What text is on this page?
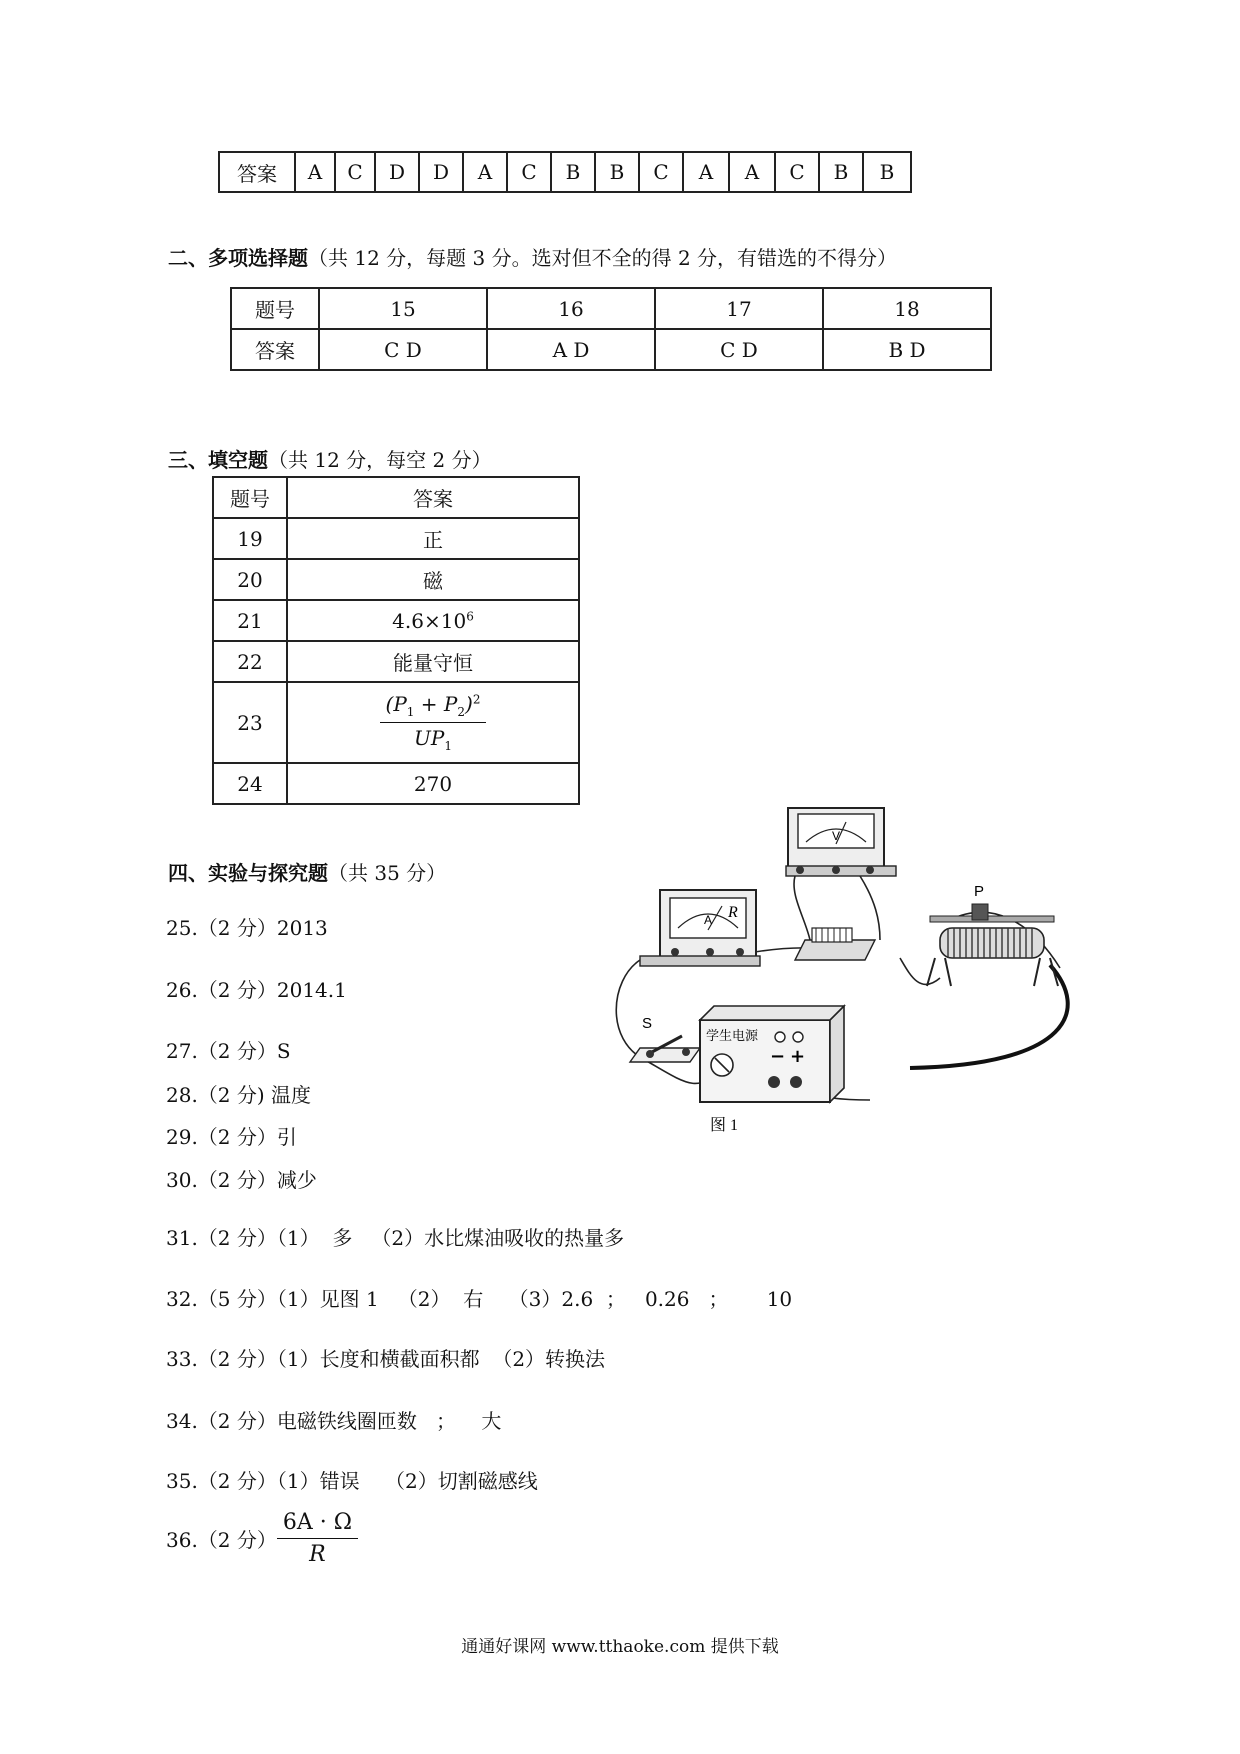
答案	A	C	D	D	A	C	B	B	C	A	A	C	B	B
二、多项选择题（共 12 分，每题 3 分。选对但不全的得 2 分，有错选的不得分）
题号	15	16	17	18
答案	C D	A D	C D	B D
三、填空题（共 12 分，每空 2 分）
题号	答案
19	正
20	磁
21	$4.6\times 10^6$
22	能量守恒
23	$\frac{(P_1 + P_2)^2}{UP_1}$

24	270
四、实验与探究题（共 35 分）
25.（2 分）2013
26.（2 分）2014.1
27.（2 分）S
28.（2 分) 温度
29.（2 分）引
30.（2 分）减少
31.（2 分）（1）  多   （2）水比煤油吸收的热量多
32.（5 分）（1）见图 1   （2）  右    （3）2.6  ；   0.26   ；      10
33.（2 分）（1）长度和横截面积都  （2）转换法
34.（2 分）电磁铁线圈匝数   ；    大
35.（2 分）（1）错误    （2）切割磁感线
36.（2 分） $\frac{6A \cdot \Omega}{R}$
A
V
R
P
S
学生电源
− +
图 1
通通好课网 www.tthaoke.com 提供下载
